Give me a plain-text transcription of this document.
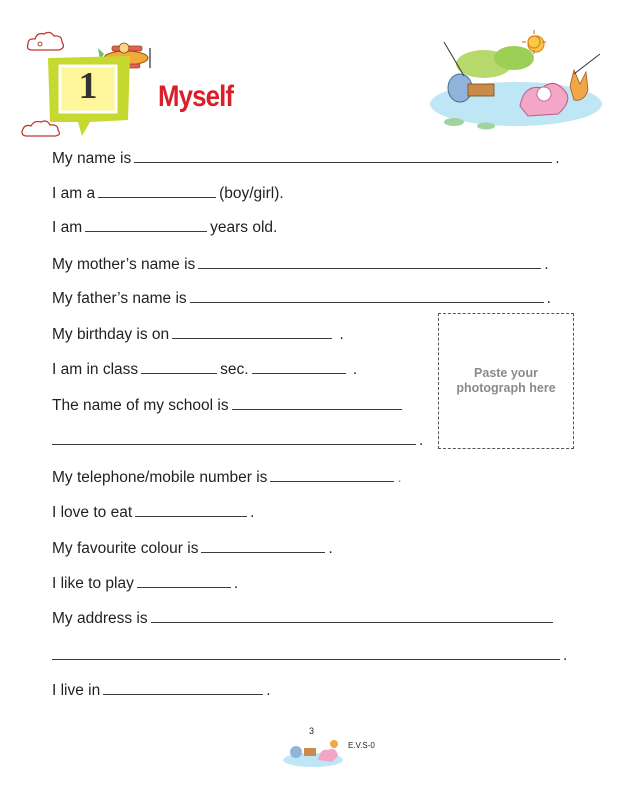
1	Myself
My name is	.
I am a	(boy/girl).
I am	years old.
My mother’s name is	.
My father’s name is	.
My birthday is on	.
I am in class	sec.	.
The name of my school is
.
My telephone/mobile number is	.
I love to eat	.
My favourite colour is	.
I like to play	.
My address is
.
I live in	.
Paste your photograph here
3
E.V.S-0
